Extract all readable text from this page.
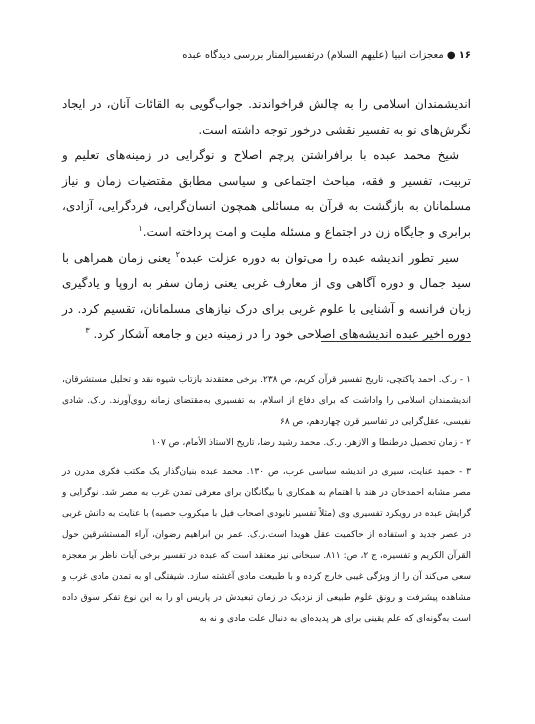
۱۶ ● معجزات انبیا (علیهم السلام) درتفسیرالمنار بررسی دیدگاه عبده

اندیشمندان اسلامی را به چالش فراخواندند. جواب‌گویی به القائات آنان، در ایجاد نگرش‌های نو به تفسیر نقشی درخور توجه داشته است.

شیخ محمد عبده با برافراشتن پرچم اصلاح و نوگرایی در زمینه‌های تعلیم و تربیت، تفسیر و فقه، مباحث اجتماعی و سیاسی مطابق مقتضیات زمان و نیاز مسلمانان به بازگشت به قرآن به مسائلی همچون انسان‌گرایی، فردگرایی، آزادی، برابری و جایگاه زن در اجتماع و مسئله ملیت و امت پرداخته است.$^۱$

سیر تطور اندیشه عبده را می‌توان به دوره عزلت عبده$^۲$ یعنی زمان همراهی با سید جمال و دوره آگاهی وی از معارف غربی یعنی زمان سفر به اروپا و یادگیری زبان فرانسه و آشنایی با علوم غربی برای درک نیازهای مسلمانان، تقسیم کرد. در دوره اخیر عبده اندیشه‌های اصلاحی خود را در زمینه دین و جامعه آشکار کرد. $^۳$

۱ - ر.ک. احمد پاکتچی، تاریخ تفسیر قرآن کریم، ص ۲۳۸. برخی معتقدند بازتاب شیوه نقد و تحلیل مستشرقان، اندیشمندان اسلامی را واداشت که برای دفاع از اسلام، به تفسیری به‌مقتضای زمانه روی‌آورند. ر.ک. شادی نفیسی، عقل‌گرایی در تفاسیر قرن چهاردهم، ص ۶۸

۲ - زمان تحصیل درطنطا و الازهر. ر.ک. محمد رشید رضا، تاریخ الاستاذ الأمام، ص ۱۰۷

۳ - حمید عنایت، سیری در اندیشه سیاسی عرب، ص ۱۳۰. محمد عبده بنیان‌گذار یک مکتب فکری مدرن در مصر مشابه احمدخان در هند با اهتمام به همکاری با بیگانگان برای معرفی تمدن غرب به مصر شد. نوگرایی و گرایش عبده در رویکرد تفسیری وی (مثلاً تفسیر نابودی اصحاب فیل با میکروب حصبه) با عنایت به دانش غربی در عصر جدید و استفاده از حاکمیت عقل هویدا است.ر.ک. عمر بن ابراهیم رضوان، آراء المستشرقین حول القرآن الکریم و تفسیره، ج ۲، ص: ۸۱۱. سبحانی نیز معتقد است که عبده در تفسیر برخی آیات ناظر بر معجزه سعی می‌کند آن را از ویژگی غیبی خارج کرده و با طبیعت مادی آغشته سازد. شیفتگی او به تمدن مادی غرب و مشاهده پیشرفت و رونق علوم طبیعی از نزدیک در زمان تبعیدش در پاریس او را به این نوع تفکر سوق داده است به‌گونه‌ای که علم یقینی برای هر پدیده‌ای به دنبال علت مادی و نه به
